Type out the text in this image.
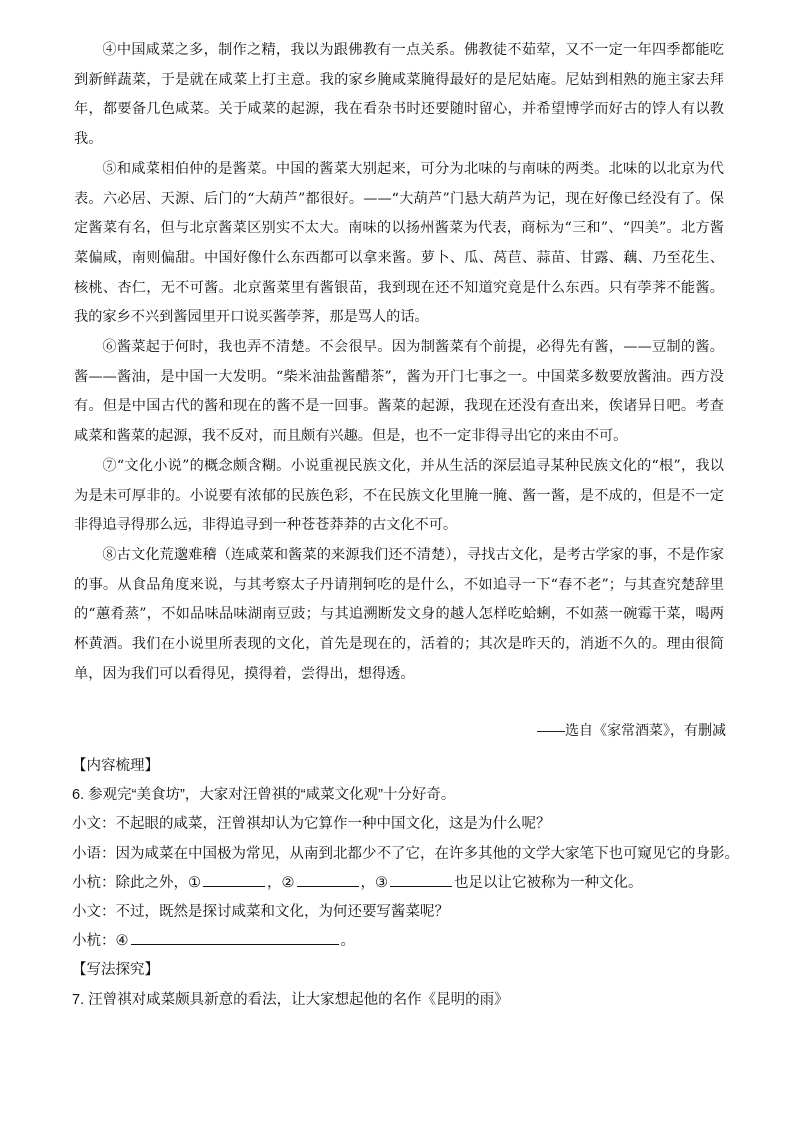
④中国咸菜之多，制作之精，我以为跟佛教有一点关系。佛教徒不茹荤，又不一定一年四季都能吃到新鲜蔬菜，于是就在咸菜上打主意。我的家乡腌咸菜腌得最好的是尼姑庵。尼姑到相熟的施主家去拜年，都要备几色咸菜。关于咸菜的起源，我在看杂书时还要随时留心，并希望博学而好古的饽人有以教我。

⑤和咸菜相伯仲的是酱菜。中国的酱菜大别起来，可分为北味的与南味的两类。北味的以北京为代表。六必居、天源、后门的“大葫芦”都很好。——“大葫芦”门悬大葫芦为记，现在好像已经没有了。保定酱菜有名，但与北京酱菜区别实不太大。南味的以扬州酱菜为代表，商标为“三和”、“四美”。北方酱菜偏咸，南则偏甜。中国好像什么东西都可以拿来酱。萝卜、瓜、莴苣、蒜苗、甘露、藕、乃至花生、核桃、杏仁，无不可酱。北京酱菜里有酱银苗，我到现在还不知道究竟是什么东西。只有荸荠不能酱。我的家乡不兴到酱园里开口说买酱荸荠，那是骂人的话。

⑥酱菜起于何时，我也弄不清楚。不会很早。因为制酱菜有个前提，必得先有酱，——豆制的酱。酱——酱油，是中国一大发明。“柴米油盐酱醋茶”，酱为开门七事之一。中国菜多数要放酱油。西方没有。但是中国古代的酱和现在的酱不是一回事。酱菜的起源，我现在还没有查出来，俟诸异日吧。考查咸菜和酱菜的起源，我不反对，而且颇有兴趣。但是，也不一定非得寻出它的来由不可。

⑦“文化小说”的概念颇含糊。小说重视民族文化，并从生活的深层追寻某种民族文化的“根”，我以为是未可厚非的。小说要有浓郁的民族色彩，不在民族文化里腌一腌、酱一酱，是不成的，但是不一定非得追寻得那么远，非得追寻到一种苍苍莽莽的古文化不可。

⑧古文化荒邈难稽（连咸菜和酱菜的来源我们还不清楚），寻找古文化，是考古学家的事，不是作家的事。从食品角度来说，与其考察太子丹请荆轲吃的是什么，不如追寻一下“春不老”；与其查究楚辞里的“蕙肴蒸”，不如品味品味湖南豆豉；与其追溯断发文身的越人怎样吃蛤蜊，不如蒸一碗霉干菜，喝两杯黄酒。我们在小说里所表现的文化，首先是现在的，活着的；其次是昨天的，消逝不久的。理由很简单，因为我们可以看得见，摸得着，尝得出，想得透。

——选自《家常酒菜》，有删减
【内容梳理】
6. 参观完“美食坊”，大家对汪曾祺的“咸菜文化观”十分好奇。
小文：不起眼的咸菜，汪曾祺却认为它算作一种中国文化，这是为什么呢？
小语：因为咸菜在中国极为常见，从南到北都少不了它，在许多其他的文学大家笔下也可窥见它的身影。
小杭：除此之外，①	，②	，③	也足以让它被称为一种文化。
小文：不过，既然是探讨咸菜和文化，为何还要写酱菜呢？
小杭：④	。
【写法探究】
7. 汪曾祺对咸菜颇具新意的看法，让大家想起他的名作《昆明的雨》
